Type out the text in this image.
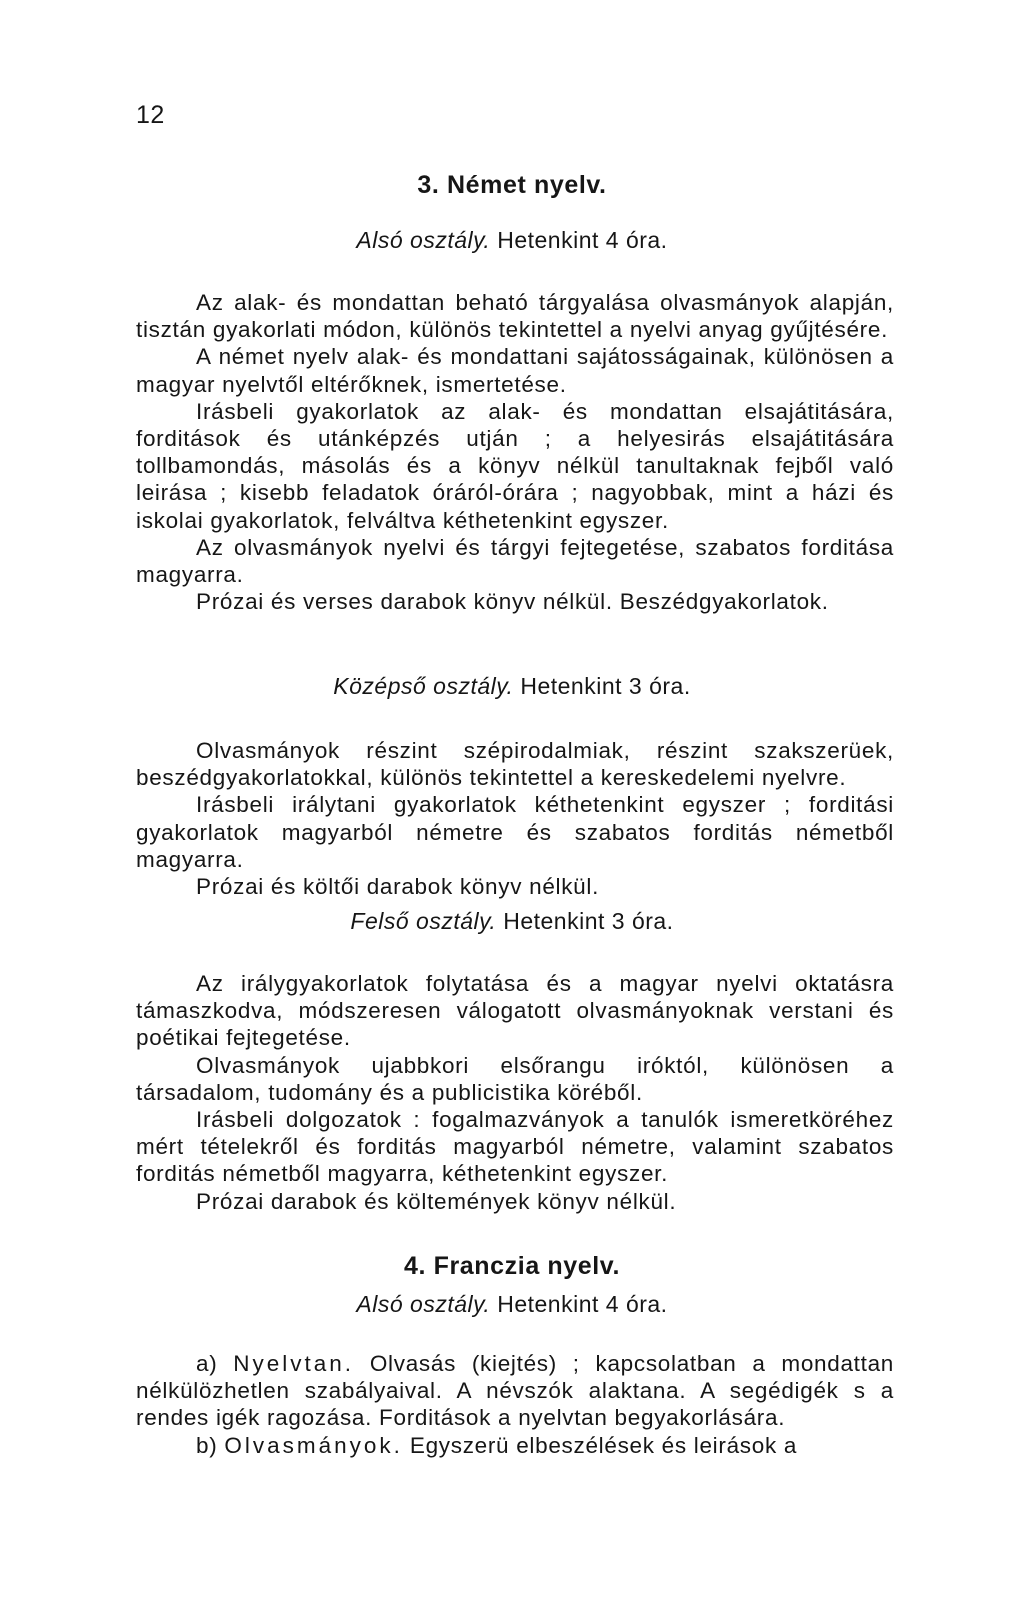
12
3. Német nyelv.
Alsó osztály. Hetenkint 4 óra.

Az alak- és mondattan beható tárgyalása olvasmányok alapján, tisztán gyakorlati módon, különös tekintettel a nyelvi anyag gyűjtésére.

A német nyelv alak- és mondattani sajátosságainak, különösen a magyar nyelvtől eltérőknek, ismertetése.

Irásbeli gyakorlatok az alak- és mondattan elsajátitására, forditások és utánképzés utján ; a helyesirás elsajátitására tollbamondás, másolás és a könyv nélkül tanultaknak fejből való leirása ; kisebb feladatok óráról-órára ; nagyobbak, mint a házi és iskolai gyakorlatok, felváltva kéthetenkint egyszer.

Az olvasmányok nyelvi és tárgyi fejtegetése, szabatos forditása magyarra.

Prózai és verses darabok könyv nélkül. Beszédgyakorlatok.

Középső osztály. Hetenkint 3 óra.

Olvasmányok részint szépirodalmiak, részint szakszerüek, beszédgyakorlatokkal, különös tekintettel a kereskedelemi nyelvre.

Irásbeli irálytani gyakorlatok kéthetenkint egyszer ; forditási gyakorlatok magyarból németre és szabatos forditás németből magyarra.

Prózai és költői darabok könyv nélkül.

Felső osztály. Hetenkint 3 óra.

Az irálygyakorlatok folytatása és a magyar nyelvi oktatásra támaszkodva, módszeresen válogatott olvasmányoknak verstani és poétikai fejtegetése.

Olvasmányok ujabbkori elsőrangu iróktól, különösen a társadalom, tudomány és a publicistika köréből.

Irásbeli dolgozatok : fogalmazványok a tanulók ismeretköréhez mért tételekről és forditás magyarból németre, valamint szabatos forditás németből magyarra, kéthetenkint egyszer.

Prózai darabok és költemények könyv nélkül.

4. Franczia nyelv.
Alsó osztály. Hetenkint 4 óra.

a) Nyelvtan. Olvasás (kiejtés) ; kapcsolatban a mondattan nélkülözhetlen szabályaival. A névszók alaktana. A segédigék s a rendes igék ragozása. Forditások a nyelvtan begyakorlására.

b) Olvasmányok. Egyszerü elbeszélések és leirások a
